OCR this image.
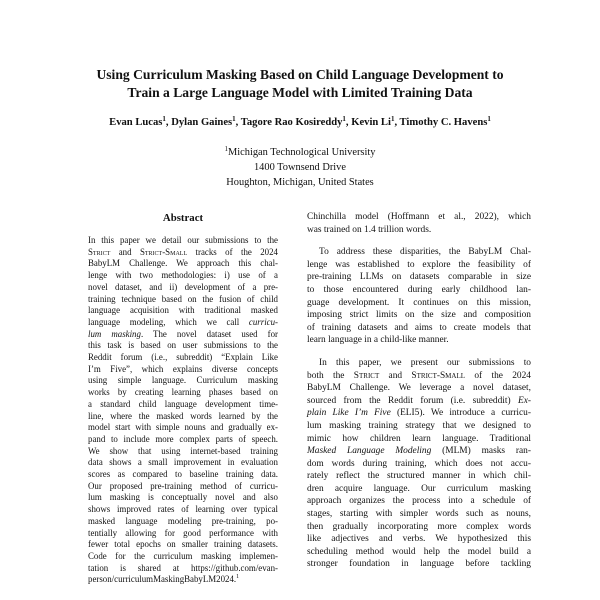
Using Curriculum Masking Based on Child Language Development to
Train a Large Language Model with Limited Training Data
Evan Lucas$^1$, Dylan Gaines$^1$, Tagore Rao Kosireddy$^1$, Kevin Li$^1$, Timothy C. Havens$^1$
$^1$Michigan Technological University
1400 Townsend Drive
Houghton, Michigan, United States
Abstract
In this paper we detail our submissions to the
Strict and Strict-Small tracks of the 2024
BabyLM Challenge. We approach this chal-
lenge with two methodologies: i) use of a
novel dataset, and ii) development of a pre-
training technique based on the fusion of child
language acquisition with traditional masked
language modeling, which we call curricu-
lum masking. The novel dataset used for
this task is based on user submissions to the
Reddit forum (i.e., subreddit) “Explain Like
I’m Five”, which explains diverse concepts
using simple language. Curriculum masking
works by creating learning phases based on
a standard child language development time-
line, where the masked words learned by the
model start with simple nouns and gradually ex-
pand to include more complex parts of speech.
We show that using internet-based training
data shows a small improvement in evaluation
scores as compared to baseline training data.
Our proposed pre-training method of curricu-
lum masking is conceptually novel and also
shows improved rates of learning over typical
masked language modeling pre-training, po-
tentially allowing for good performance with
fewer total epochs on smaller training datasets.
Code for the curriculum masking implemen-
tation is shared at https://github.com/evan-
person/curriculumMaskingBabyLM2024.$^1$
Chinchilla model (Hoffmann et al., 2022), which
was trained on 1.4 trillion words.
To address these disparities, the BabyLM Chal-
lenge was established to explore the feasibility of
pre-training LLMs on datasets comparable in size
to those encountered during early childhood lan-
guage development. It continues on this mission,
imposing strict limits on the size and composition
of training datasets and aims to create models that
learn language in a child-like manner.
In this paper, we present our submissions to
both the Strict and Strict-Small of the 2024
BabyLM Challenge. We leverage a novel dataset,
sourced from the Reddit forum (i.e. subreddit) Ex-
plain Like I’m Five (ELI5). We introduce a curricu-
lum masking training strategy that we designed to
mimic how children learn language. Traditional
Masked Language Modeling (MLM) masks ran-
dom words during training, which does not accu-
rately reflect the structured manner in which chil-
dren acquire language. Our curriculum masking
approach organizes the process into a schedule of
stages, starting with simpler words such as nouns,
then gradually incorporating more complex words
like adjectives and verbs. We hypothesized this
scheduling method would help the model build a
stronger foundation in language before tackling
